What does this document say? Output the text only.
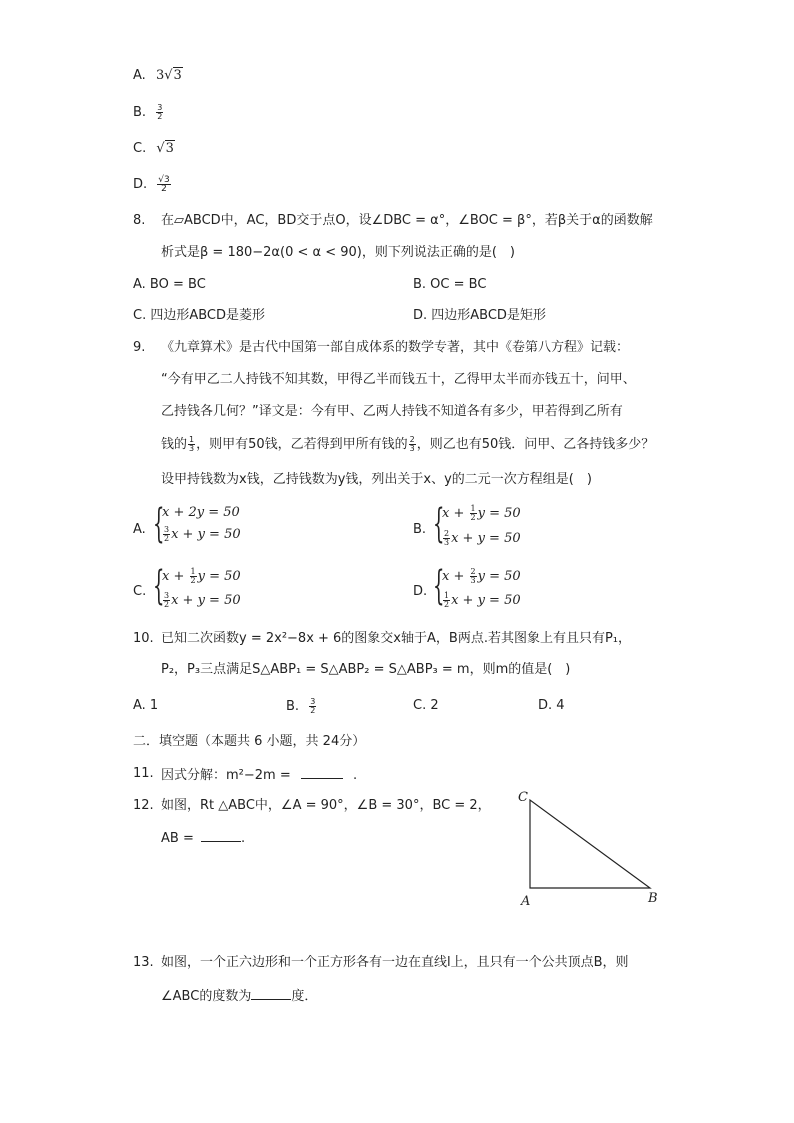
A. 3√3
B. $\frac{3}{2}$
C. √3
D. $\frac{√3}{2}$
8. 在▱ABCD中，AC，BD交于点O，设∠DBC = α°，∠BOC = β°，若β关于α的函数解
析式是β = 180−2α(0 < α < 90)，则下列说法正确的是(　)
A. BO = BC	B. OC = BC
C. 四边形ABCD是菱形	D. 四边形ABCD是矩形
9. 《九章算术》是古代中国第一部自成体系的数学专著，其中《卷第八方程》记载：
“今有甲乙二人持钱不知其数，甲得乙半而钱五十，乙得甲太半而亦钱五十，问甲、
乙持钱各几何？”译文是：今有甲、乙两人持钱不知道各有多少，甲若得到乙所有
钱的 $\frac{1}{3}$ ，则甲有50钱，乙若得到甲所有钱的 $\frac{2}{3}$ ，则乙也有50钱．问甲、乙各持钱多少？
设甲持钱数为x钱，乙持钱数为y钱，列出关于x、y的二元一次方程组是(　)
A. {
x + 2y = 50
$\frac{3}{2}$ x + y = 50	B. {
$x + \frac{1}{2}$ y = 50
$\frac{2}{3}$ x + y = 50
C. {
$x + \frac{1}{2}$ y = 50
$\frac{3}{2}$ x + y = 50
D. {
$x + \frac{2}{3}$ y = 50
$\frac{1}{2}$ x + y = 50
10. 已知二次函数y = 2x²−8x + 6的图象交x轴于A，B两点.若其图象上有且只有P₁，
P₂，P₃三点满足S△ABP₁ = S△ABP₂ = S△ABP₃ = m，则m的值是(　)
A. 1	B. $\frac{3}{2}$	C. 2	D. 4
二．填空题（本题共 6 小题，共 24分）
11. 因式分解：m²−2m =	.
12. 如图，Rt △ABC中，∠A = 90°，∠B = 30°，BC = 2，
AB =	.
C
A	B
13. 如图，一个正六边形和一个正方形各有一边在直线l上，且只有一个公共顶点B，则
∠ABC的度数为	度．
